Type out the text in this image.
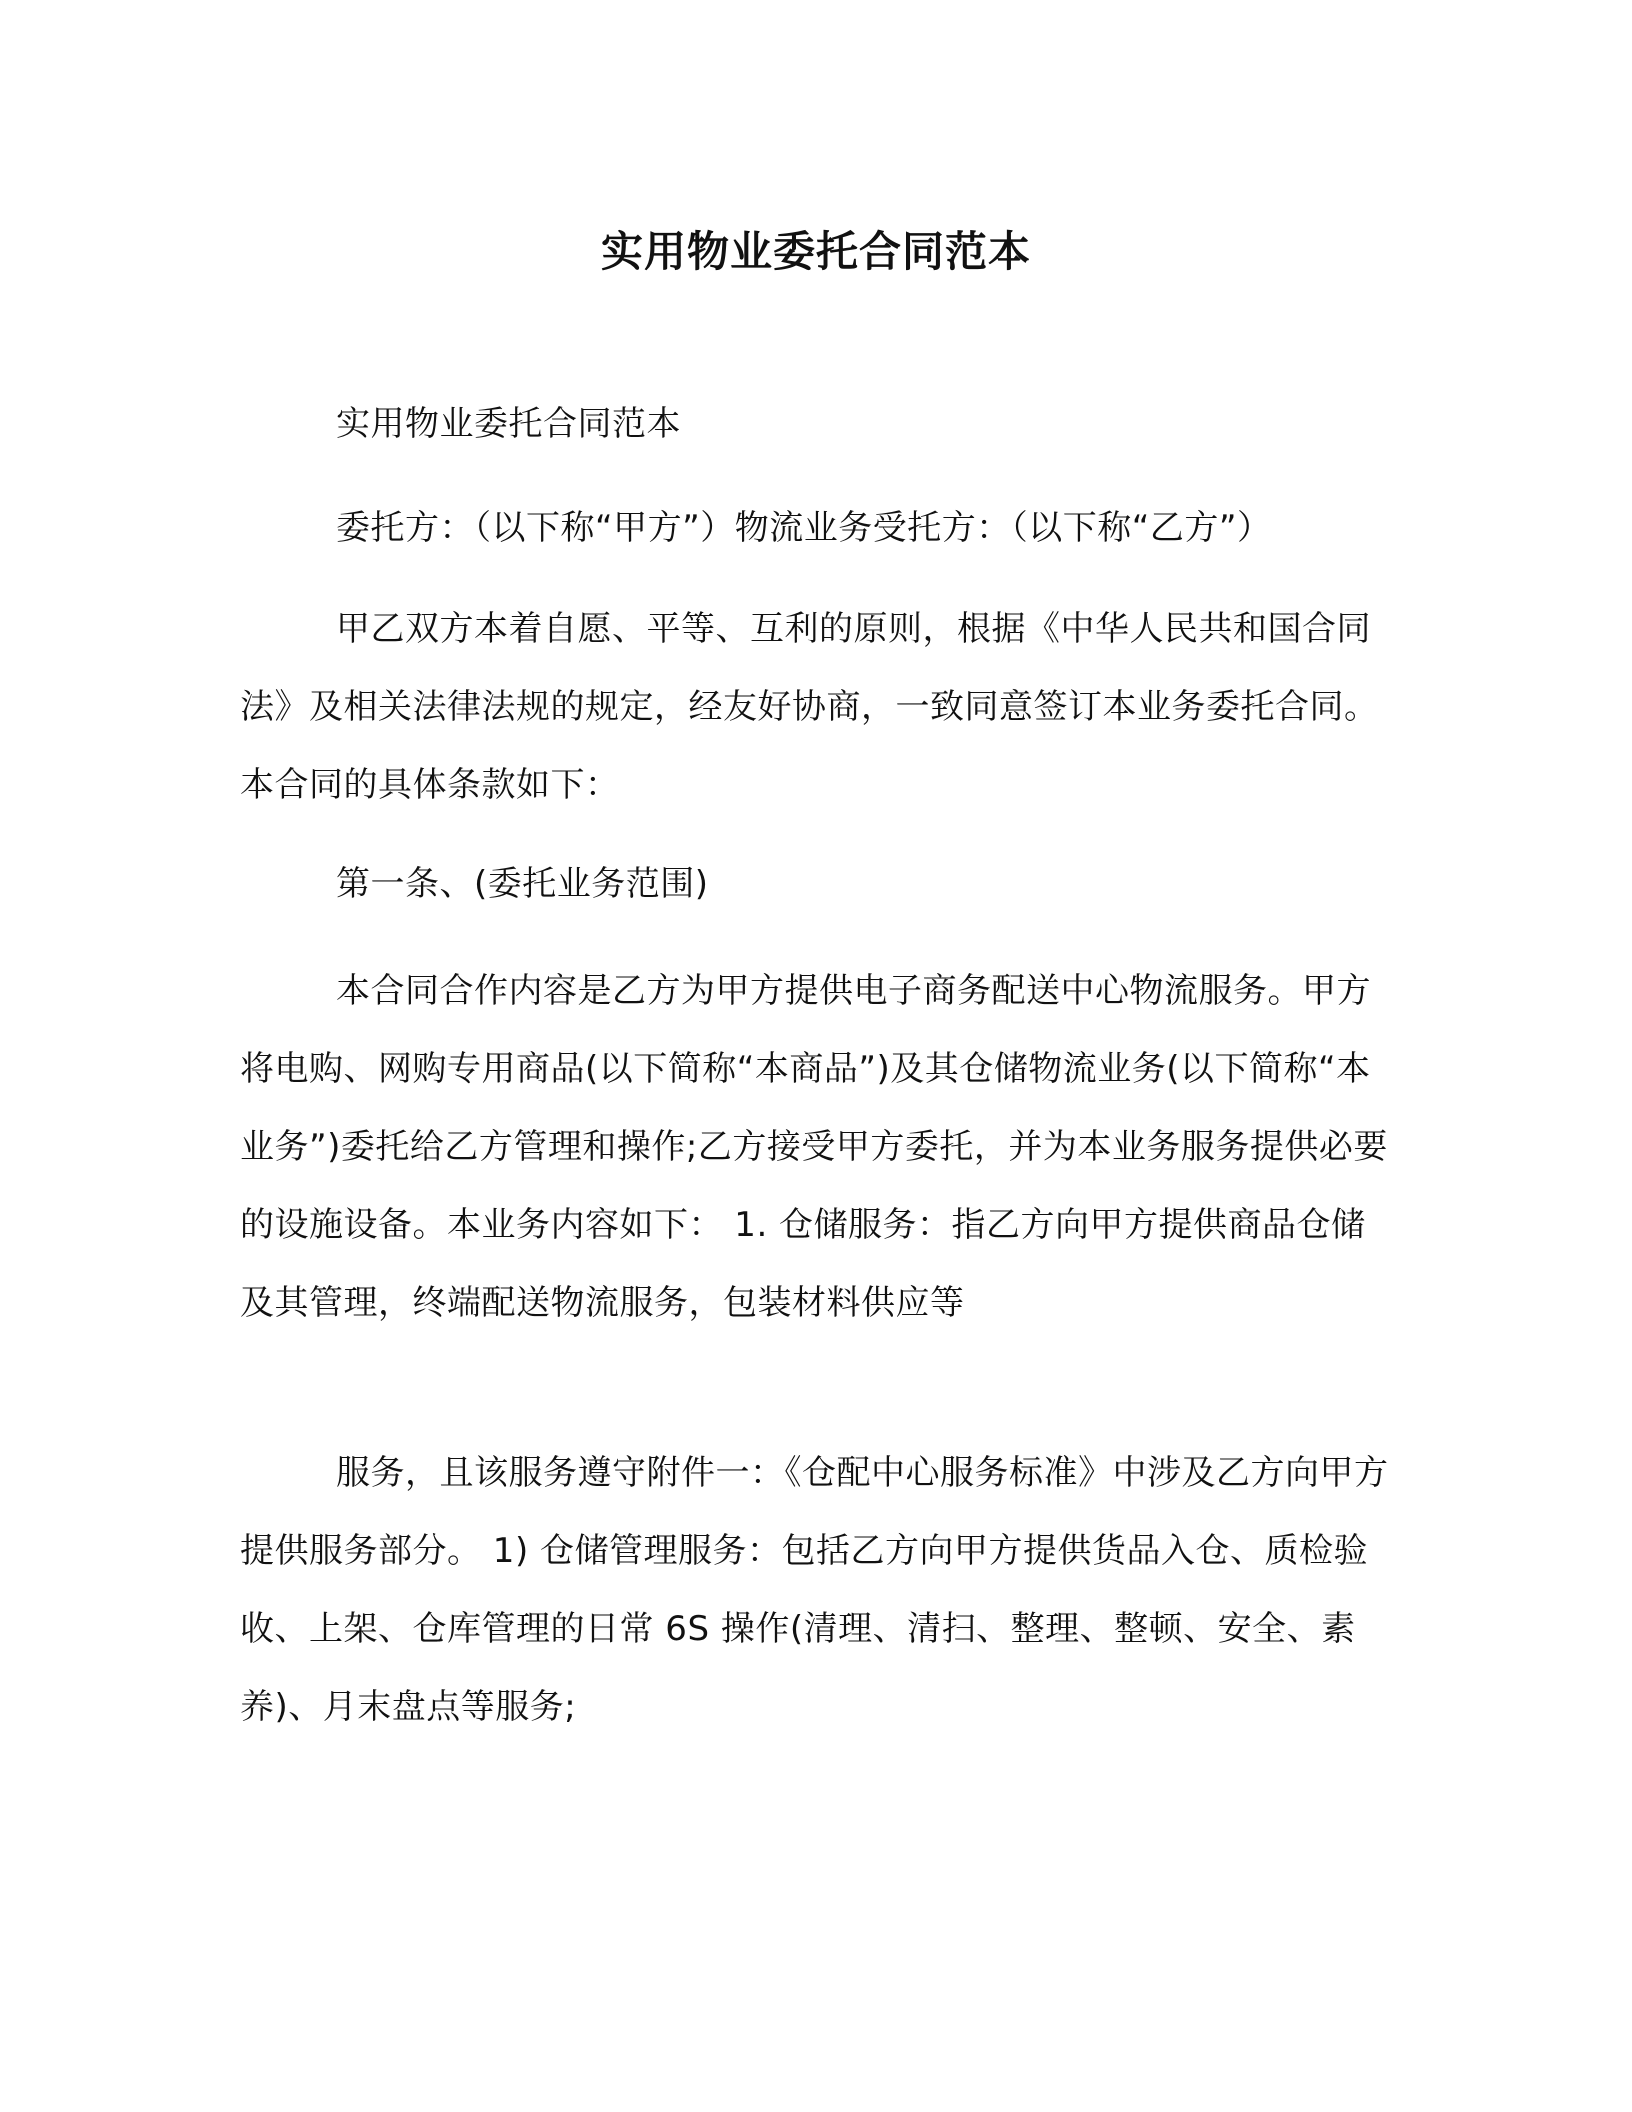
实用物业委托合同范本

实用物业委托合同范本

委托方：（以下称“甲方”）物流业务受托方：（以下称“乙方”）

甲乙双方本着自愿、平等、互利的原则，根据《中华人民共和国合同法》及相关法律法规的规定，经友好协商，一致同意签订本业务委托合同。本合同的具体条款如下：

第一条、(委托业务范围)

本合同合作内容是乙方为甲方提供电子商务配送中心物流服务。甲方将电购、网购专用商品(以下简称“本商品”)及其仓储物流业务(以下简称“本业务”)委托给乙方管理和操作;乙方接受甲方委托，并为本业务服务提供必要的设施设备。本业务内容如下： 1. 仓储服务：指乙方向甲方提供商品仓储及其管理，终端配送物流服务，包装材料供应等

服务，且该服务遵守附件一：《仓配中心服务标准》中涉及乙方向甲方提供服务部分。 1) 仓储管理服务：包括乙方向甲方提供货品入仓、质检验收、上架、仓库管理的日常 6S 操作(清理、清扫、整理、整顿、安全、素养)、月末盘点等服务;
